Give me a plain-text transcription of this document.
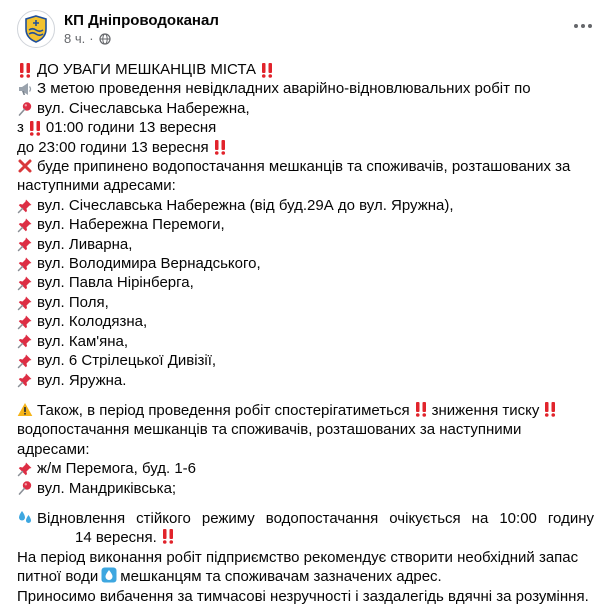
КП Дніпроводоканал
8 ч. ·
ДО УВАГИ МЕШКАНЦІВ МІСТА
З метою проведення невідкладних аварійно-відновлювальних робіт по
вул. Січеславська Набережна,
з 01:00 години 13 вересня
до 23:00 години 13 вересня
буде припинено водопостачання мешканців та споживачів, розташованих за наступними адресами:
вул. Січеславська Набережна (від буд.29А до вул. Яружна),
вул. Набережна Перемоги,
вул. Ливарна,
вул. Володимира Вернадського,
вул. Павла Нірінберга,
вул. Поля,
вул. Колодязна,
вул. Кам'яна,
вул. 6 Стрілецької Дивізії,
вул. Яружна.
Також, в період проведення робіт спостерігатиметься зниження тиску
водопостачання мешканців та споживачів, розташованих за наступними адресами:
ж/м Перемога, буд. 1-6
вул. Мандриківська;
Відновлення стійкого режиму водопостачання очікується на 10:00 годину14 вересня.
На період виконання робіт підприємство рекомендує створити необхідний запас питної води мешканцям та споживачам зазначених адрес.
Приносимо вибачення за тимчасові незручності і заздалегідь вдячні за розуміння.
